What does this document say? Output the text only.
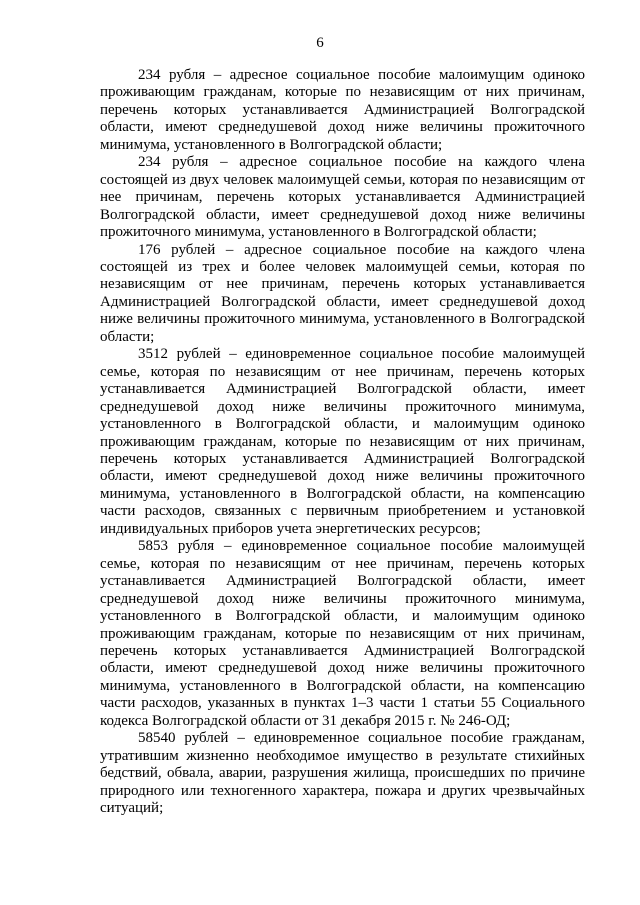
6

234 рубля – адресное социальное пособие малоимущим одиноко проживающим гражданам, которые по независящим от них причинам, перечень которых устанавливается Администрацией Волгоградской области, имеют среднедушевой доход ниже величины прожиточного минимума, установленного в Волгоградской области;

234 рубля – адресное социальное пособие на каждого члена состоящей из двух человек малоимущей семьи, которая по независящим от нее причинам, перечень которых устанавливается Администрацией Волгоградской области, имеет среднедушевой доход ниже величины прожиточного минимума, установленного в Волгоградской области;

176 рублей – адресное социальное пособие на каждого члена состоящей из трех и более человек малоимущей семьи, которая по независящим от нее причинам, перечень которых устанавливается Администрацией Волгоградской области, имеет среднедушевой доход ниже величины прожиточного минимума, установленного в Волгоградской области;

3512 рублей – единовременное социальное пособие малоимущей семье, которая по независящим от нее причинам, перечень которых устанавливается Администрацией Волгоградской области, имеет среднедушевой доход ниже величины прожиточного минимума, установленного в Волгоградской области, и малоимущим одиноко проживающим гражданам, которые по независящим от них причинам, перечень которых устанавливается Администрацией Волгоградской области, имеют среднедушевой доход ниже величины прожиточного минимума, установленного в Волгоградской области, на компенсацию части расходов, связанных с первичным приобретением и установкой индивидуальных приборов учета энергетических ресурсов;

5853 рубля – единовременное социальное пособие малоимущей семье, которая по независящим от нее причинам, перечень которых устанавливается Администрацией Волгоградской области, имеет среднедушевой доход ниже величины прожиточного минимума, установленного в Волгоградской области, и малоимущим одиноко проживающим гражданам, которые по независящим от них причинам, перечень которых устанавливается Администрацией Волгоградской области, имеют среднедушевой доход ниже величины прожиточного минимума, установленного в Волгоградской области, на компенсацию части расходов, указанных в пунктах 1–3 части 1 статьи 55 Социального кодекса Волгоградской области от 31 декабря 2015 г. № 246-ОД;

58540 рублей – единовременное социальное пособие гражданам, утратившим жизненно необходимое имущество в результате стихийных бедствий, обвала, аварии, разрушения жилища, происшедших по причине природного или техногенного характера, пожара и других чрезвычайных ситуаций;
